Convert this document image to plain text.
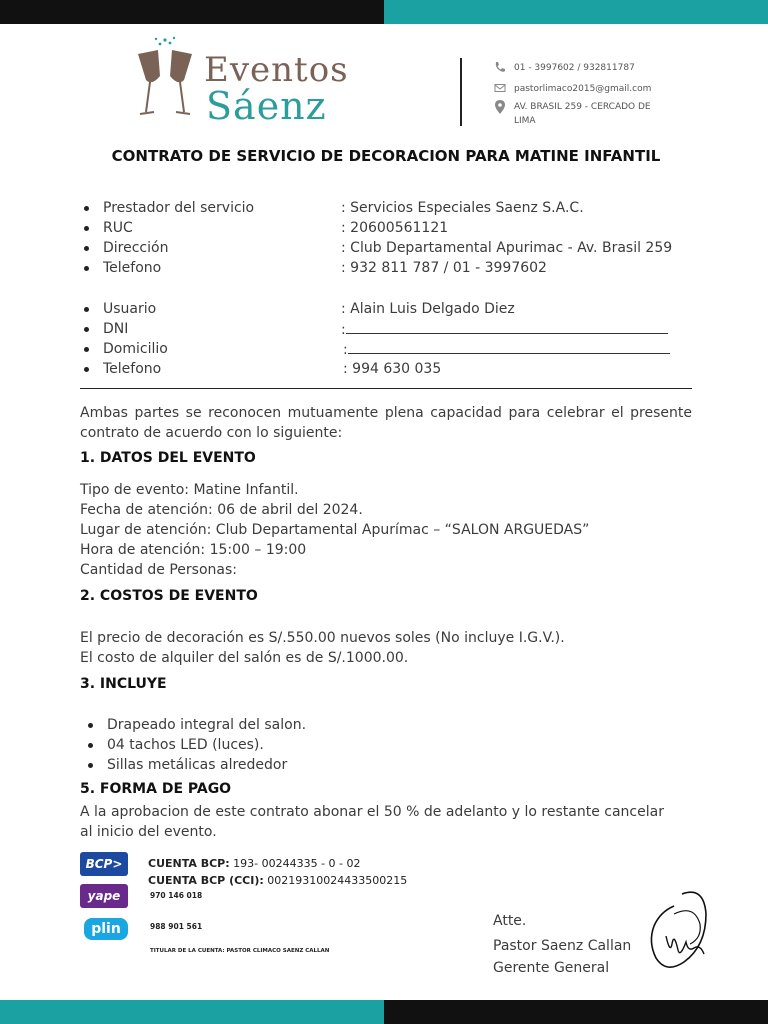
Eventos
Sáenz
01 - 3997602 / 932811787
pastorlimaco2015@gmail.com
AV. BRASIL 259 - CERCADO DE LIMA
CONTRATO DE SERVICIO DE DECORACION PARA MATINE INFANTIL
Prestador del servicio	: Servicios Especiales Saenz S.A.C.
RUC	: 20600561121
Dirección	: Club Departamental Apurimac - Av. Brasil 259
Telefono	: 932 811 787 / 01 - 3997602
Usuario	: Alain Luis Delgado Diez
DNI	:
Domicilio	:
Telefono	: 994 630 035
Ambas partes se reconocen mutuamente plena capacidad para celebrar el presente contrato de acuerdo con lo siguiente:
1. DATOS DEL EVENTO
Tipo de evento: Matine Infantil.
Fecha de atención: 06 de abril del 2024.
Lugar de atención: Club Departamental Apurímac – “SALON ARGUEDAS”
Hora de atención: 15:00 – 19:00
Cantidad de Personas:
2. COSTOS DE EVENTO
El precio de decoración es S/.550.00 nuevos soles (No incluye I.G.V.).
El costo de alquiler del salón es de S/.1000.00.
3. INCLUYE
Drapeado integral del salon.
04 tachos LED (luces).
Sillas metálicas alrededor
5. FORMA DE PAGO
A la aprobacion de este contrato abonar el 50 % de adelanto y lo restante cancelar al inicio del evento.
BCP>
yape
plin
CUENTA BCP: 193- 00244335 - 0 - 02
CUENTA BCP (CCI): 00219310024433500215
970 146 018
988 901 561
TITULAR DE LA CUENTA: PASTOR CLIMACO SAENZ CALLAN
Atte.
Pastor Saenz Callan
Gerente General
